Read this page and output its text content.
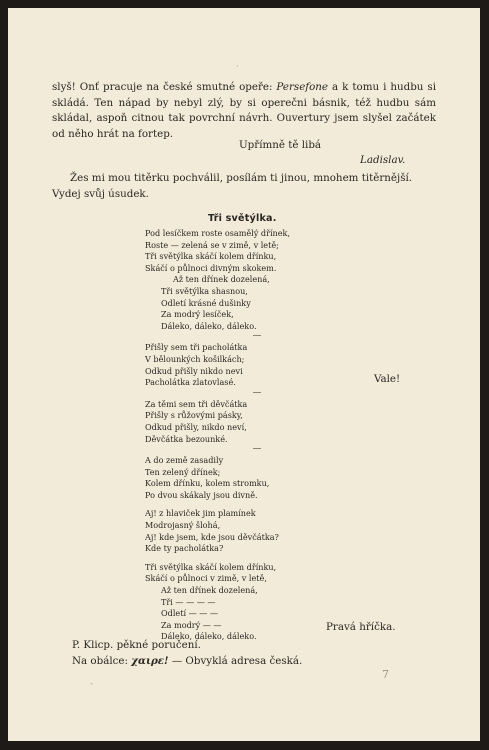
·
slyš! Onť pracuje na české smutné opeře: Persefone a k tomu i hudbu si
skládá. Ten nápad by nebyl zlý, by si operečni básnik, též hudbu sám
skládal, aspoň citnou tak povrchní návrh. Ouvertury jsem slyšel začátek
od něho hrát na fortep.
Upřímně tě libá
Ladislav.
Žes mi mou titěrku pochválil, posílám ti jinou, mnohem titěrnější.
Vydej svůj úsudek.
Tři světýlka.
Pod lesíčkem roste osamělý dřínek,
Roste — zelená se v zimě, v letě;
Tři světýlka skáčí kolem dřínku,
Skáčí o půlnoci divným skokem.
Až ten dřínek dozelená,
Tři světýlka shasnou,
Odletí krásné dušinky
Za modrý lesíček,
Dáleko, dáleko, dáleko.
Přišly sem tři pacholátka
V bělounkých košilkách;
Odkud přišly nikdo nevi
Pacholátka zlatovlasé.
Za těmi sem tři děvčátka
Přišly s růžovými pásky,
Odkud přišly, nikdo neví,
Děvčátka bezounké.
A do země zasadily
Ten zelený dřínek;
Kolem dřínku, kolem stromku,
Po dvou skákaly jsou divně.
Aj! z hlaviček jim plamínek
Modrojasný šlohá,
Aj! kde jsem, kde jsou děvčátka?
Kde ty pacholátka?
Tři světýlka skáčí kolem dřínku,
Skáčí o půlnoci v zimě, v letě,
Až ten dřínek dozelená,
Tři — — — —
Odletí — — —
Za modrý — —
Dáleko, dáleko, dáleko.
Vale!
Pravá hříčka.
P. Klicp. pěkné poručení.
Na obálce: χαιρε! — Obvyklá adresa česká.
ˎ	7
